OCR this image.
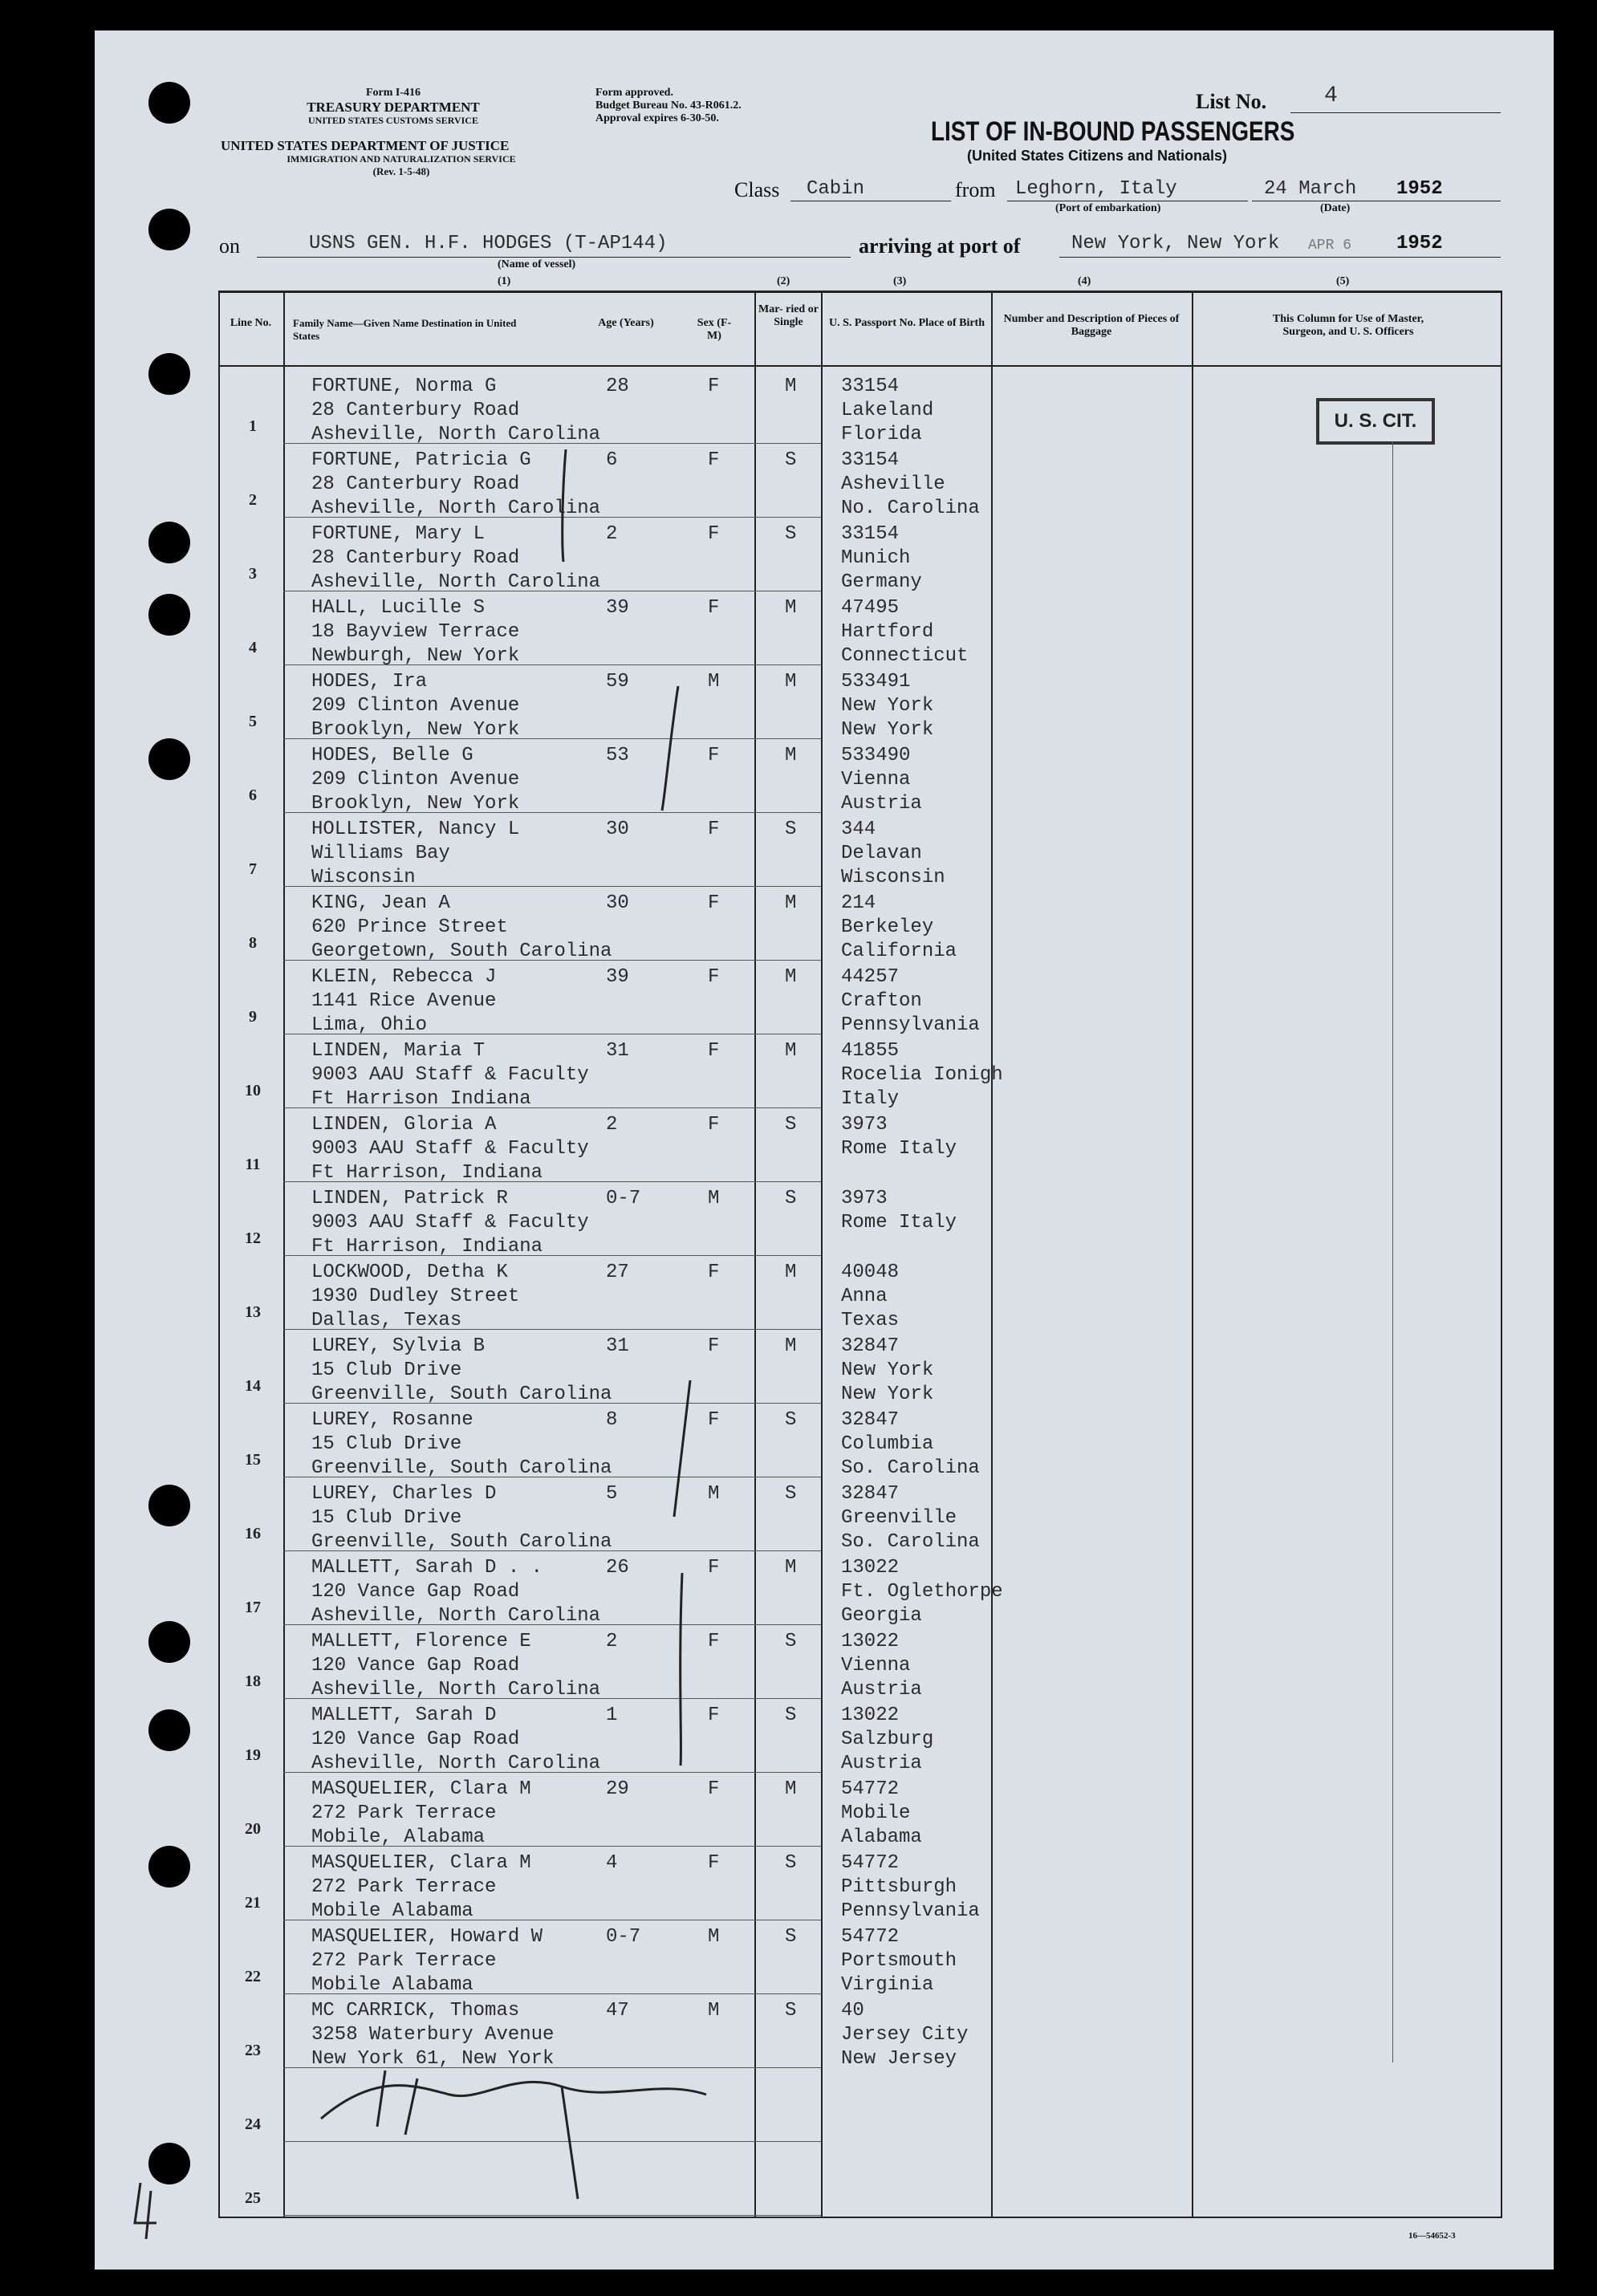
Form I-416
TREASURY DEPARTMENT
UNITED STATES CUSTOMS SERVICE
Form approved.
Budget Bureau No. 43-R061.2.
Approval expires 6-30-50.
List No.	4
UNITED STATES DEPARTMENT OF JUSTICE
IMMIGRATION AND NATURALIZATION SERVICE
(Rev. 1-5-48)
LIST OF IN-BOUND PASSENGERS
(United States Citizens and Nationals)
Class Cabin	from Leghorn, Italy
(Port of embarkation)
24 March 1952
(Date)
on	USNS GEN. H.F. HODGES (T-AP144)
(Name of vessel)
arriving at port of	New York, New York APR 6 1952
(1)	(2)	(3)	(4)	(5)
Line No.	Family Name—Given Name Destination in United States
Age (Years)	Sex (F-M)
Mar- ried or Single	U. S. Passport No. Place of Birth	Number and Description of Pieces of Baggage
This Column for Use of Master, Surgeon, and U. S. Officers
1
FORTUNE, Norma G
28 Canterbury Road
Asheville, North Carolina
28	F	M 33154
Lakeland
Florida
2
FORTUNE, Patricia G
28 Canterbury Road
Asheville, North Carolina
6	F	S 33154
Asheville
No. Carolina
3
FORTUNE, Mary L
28 Canterbury Road
Asheville, North Carolina
2	F	S 33154
Munich
Germany
4
HALL, Lucille S
18 Bayview Terrace
Newburgh, New York
39	F	M 47495
Hartford
Connecticut
5
HODES, Ira
209 Clinton Avenue
Brooklyn, New York
59	M	M 533491
New York
New York
6
HODES, Belle G
209 Clinton Avenue
Brooklyn, New York
53	F	M 533490
Vienna
Austria
7
HOLLISTER, Nancy L
Williams Bay
Wisconsin
30	F	S 344
Delavan
Wisconsin
8
KING, Jean A
620 Prince Street
Georgetown, South Carolina
30	F	M 214
Berkeley
California
9
KLEIN, Rebecca J
1141 Rice Avenue
Lima, Ohio
39	F	M 44257
Crafton
Pennsylvania
10
LINDEN, Maria T
9003 AAU Staff & Faculty
Ft Harrison Indiana
31	F	M 41855
Rocelia Ionigh
Italy
11
LINDEN, Gloria A
9003 AAU Staff & Faculty
Ft Harrison, Indiana
2	F	S 3973
Rome Italy
12
LINDEN, Patrick R
9003 AAU Staff & Faculty
Ft Harrison, Indiana
0-7	M	S 3973
Rome Italy
13
LOCKWOOD, Detha K
1930 Dudley Street
Dallas, Texas
27	F	M 40048
Anna
Texas
14
LUREY, Sylvia B
15 Club Drive
Greenville, South Carolina
31	F	M 32847
New York
New York
15
LUREY, Rosanne
15 Club Drive
Greenville, South Carolina
8	F	S 32847
Columbia
So. Carolina
16
LUREY, Charles D
15 Club Drive
Greenville, South Carolina
5	M	S 32847
Greenville
So. Carolina
17
MALLETT, Sarah D . .
120 Vance Gap Road
Asheville, North Carolina
26	F	M 13022
Ft. Oglethorpe
Georgia
18
MALLETT, Florence E
120 Vance Gap Road
Asheville, North Carolina
2	F	S 13022
Vienna
Austria
19
MALLETT, Sarah D
120 Vance Gap Road
Asheville, North Carolina
1	F	S 13022
Salzburg
Austria
20
MASQUELIER, Clara M
272 Park Terrace
Mobile, Alabama
29	F	M 54772
Mobile
Alabama
21
MASQUELIER, Clara M
272 Park Terrace
Mobile Alabama
4	F	S 54772
Pittsburgh
Pennsylvania
22
MASQUELIER, Howard W
272 Park Terrace
Mobile Alabama
0-7	M	S 54772
Portsmouth
Virginia
23
MC CARRICK, Thomas
3258 Waterbury Avenue
New York 61, New York
47	M	S 40
Jersey City
New Jersey
24
25
U. S. CIT.
16—54652-3
